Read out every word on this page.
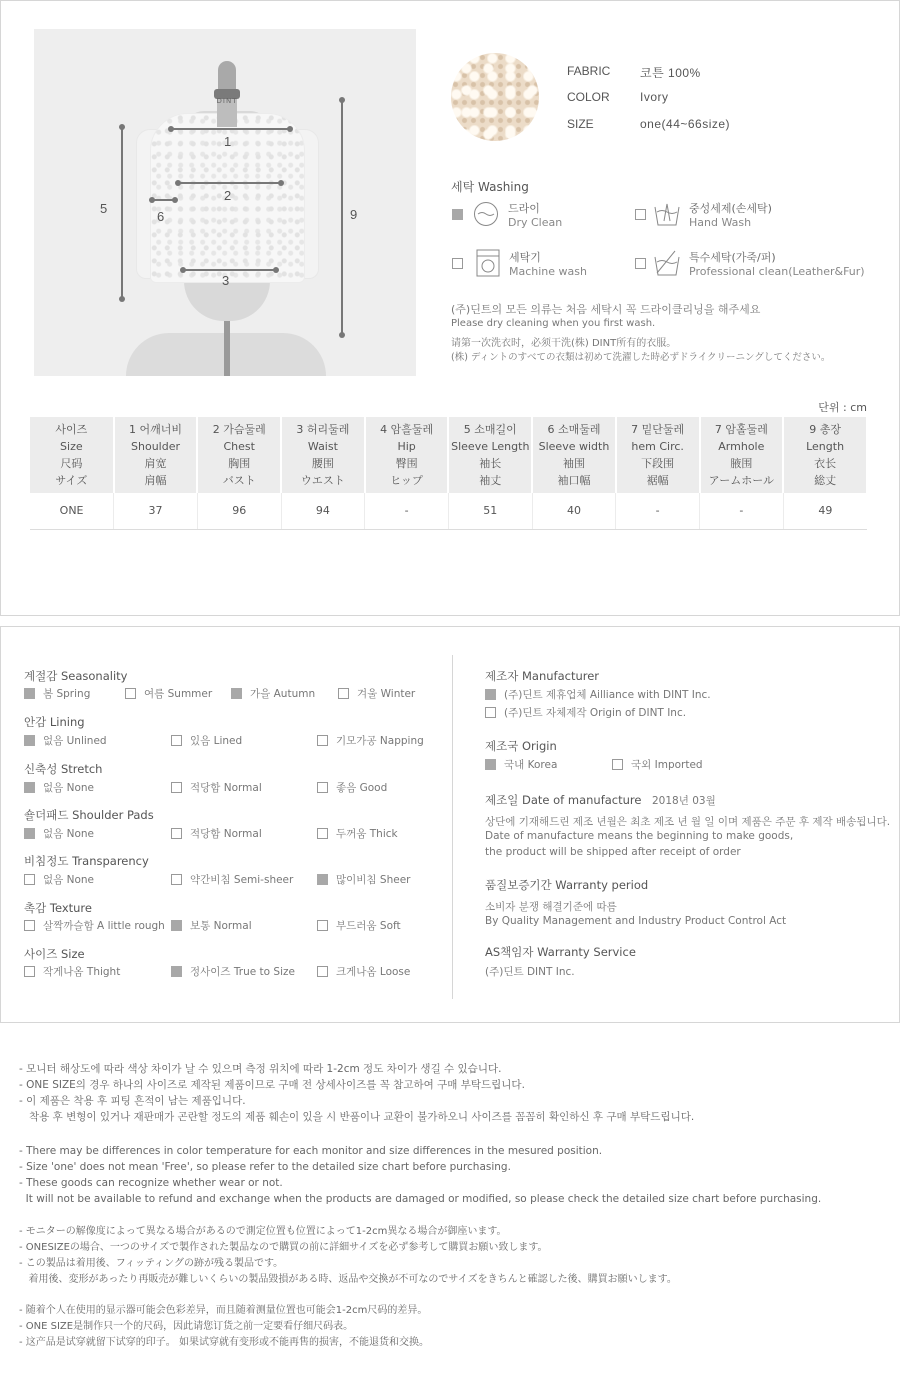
DINT
1
2
3
5
6	9
FABRIC 코튼 100%
COLOR	Ivory
SIZE	one(44~66size)
세탁 Washing
드라이
Dry Clean
중성세제(손세탁)
Hand Wash
세탁기
Machine wash
특수세탁(가죽/퍼)
Professional clean(Leather&Fur)
(주)딘트의 모든 의류는 처음 세탁시 꼭 드라이클리닝을 해주세요
Please dry cleaning when you first wash.
请第一次洗衣时，必须干洗(株) DINT所有的衣服。
(株) ディントのすべての衣類は初めて洗濯した時必ずドライクリーニングしてください。
단위 : cm
사이즈
Size
尺码
サイズ	1 어깨너비
Shoulder
肩宽
肩幅	2 가슴둘레
Chest
胸围
バスト	3 허리둘레
Waist
腰围
ウエスト	4 암흘둘레
Hip
臀围
ヒップ	5 소매길이
Sleeve Length
袖长
袖丈	6 소매둘레
Sleeve width
袖围
袖口幅	7 밑단둘레
hem Circ.
下段围
裾幅	7 암홀둘레
Armhole
腋围
アームホール	9 총장
Length
衣长
総丈

ONE	37	96	94	-	51	40	-	-	49
계절감 Seasonality
봄 Spring	여름 Summer	가을 Autumn	겨울 Winter
안감 Lining
없음 Unlined	있음 Lined	기모가공 Napping
신축성 Stretch
없음 None	적당함 Normal	좋음 Good
숄더패드 Shoulder Pads
없음 None	적당함 Normal	두꺼움 Thick
비침정도 Transparency
없음 None	약간비침 Semi-sheer	많이비침 Sheer
촉감 Texture
살짝까슬함 A little rough	보통 Normal	부드러움 Soft
사이즈 Size
작게나옴 Thight	정사이즈 True to Size	크게나옴 Loose
제조자 Manufacturer
(주)딘트 제휴업체 Ailliance with DINT Inc.
(주)딘트 자체제작 Origin of DINT Inc.
제조국 Origin
국내 Korea	국외 Imported
제조일 Date of manufacture 2018년 03월
상단에 기재해드린 제조 년월은 최초 제조 년 월 일 이며 제품은 주문 후 제작 배송됩니다.
Date of manufacture means the beginning to make goods,
the product will be shipped after receipt of order
품질보증기간 Warranty period
소비자 분쟁 해결기준에 따름
By Quality Management and Industry Product Control Act
AS책임자 Warranty Service
(주)딘트 DINT Inc.
- 모니터 해상도에 따라 색상 차이가 날 수 있으며 측정 위치에 따라 1-2cm 정도 차이가 생길 수 있습니다.
- ONE SIZE의 경우 하나의 사이즈로 제작된 제품이므로 구매 전 상세사이즈를 꼭 참고하여 구매 부탁드립니다.
- 이 제품은 착용 후 피팅 흔적이 남는 제품입니다.
착용 후 변형이 있거나 재판매가 곤란할 정도의 제품 훼손이 있을 시 반품이나 교환이 불가하오니 사이즈를 꼼꼼히 확인하신 후 구매 부탁드립니다.
- There may be differences in color temperature for each monitor and size differences in the mesured position.
- Size 'one' does not mean 'Free', so please refer to the detailed size chart before purchasing.
- These goods can recognize whether wear or not.
It will not be available to refund and exchange when the products are damaged or modified, so please check the detailed size chart before purchasing.
- モニターの解像度によって異なる場合があるので測定位置も位置によって1-2cm異なる場合が御座います。
- ONESIZEの場合、一つのサイズで製作された製品なので購買の前に詳細サイズを必ず参考して購買お願い致します。
- この製品は着用後、フィッティングの跡が残る製品です。
着用後、変形があったり再販売が難しいくらいの製品毀損がある時、返品や交換が不可なのでサイズをきちんと確認した後、購買お願いします。
- 随着个人在使用的显示器可能会色彩差异，而且随着测量位置也可能会1-2cm尺码的差异。
- ONE SIZE是制作只一个的尺码，因此请您订货之前一定要看仔细尺码表。
- 这产品是试穿就留下试穿的印子。 如果试穿就有变形或不能再售的损害，不能退货和交换。
